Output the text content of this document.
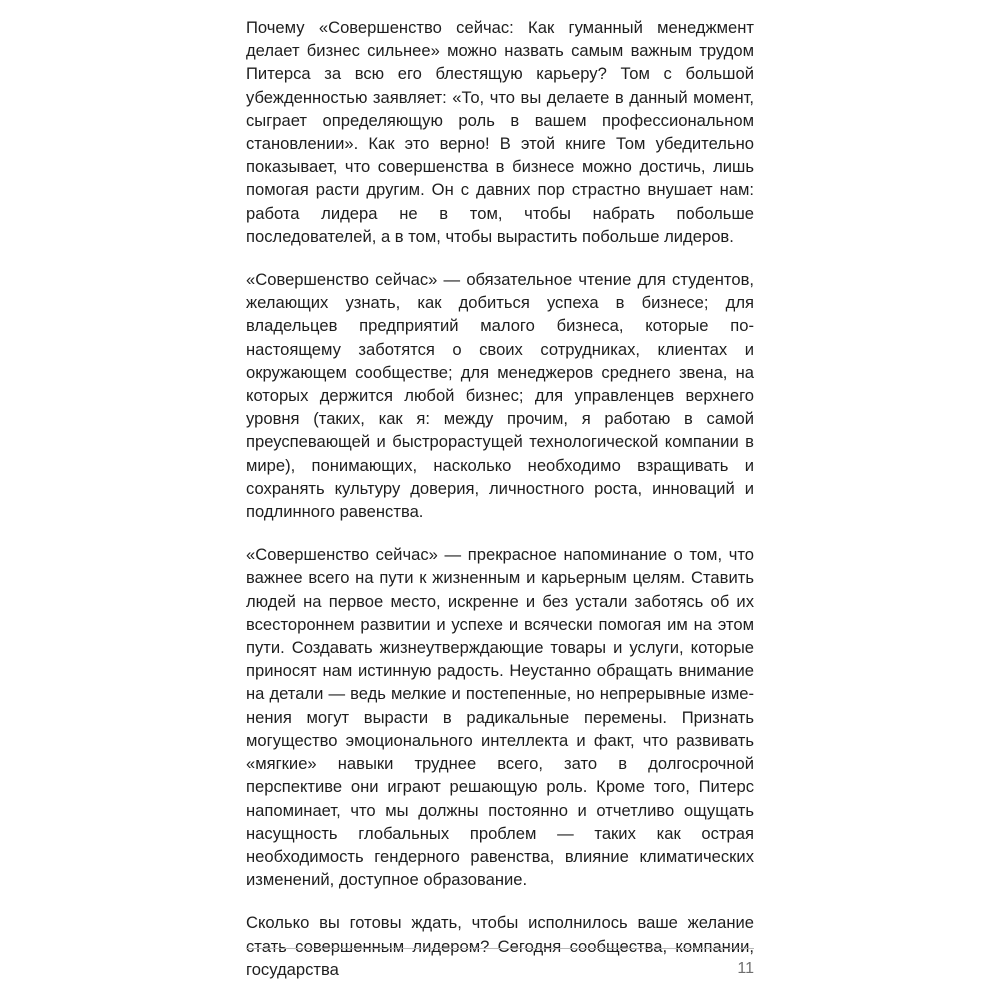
Почему «Совершенство сейчас: Как гуманный менеджмент делает бизнес сильнее» можно назвать самым важным трудом Питерса за всю его блестящую карьеру? Том с большой убежденностью заявляет: «То, что вы делаете в данный момент, сыграет определяющую роль в вашем профессиональном становлении». Как это верно! В этой книге Том убедительно показывает, что совершенства в бизнесе можно достичь, лишь помогая расти другим. Он с давних пор страстно внушает нам: работа лидера не в том, чтобы набрать побольше последователей, а в том, чтобы вырастить побольше лидеров.

«Совершенство сейчас» — обязательное чтение для студентов, желающих узнать, как добиться успеха в бизнесе; для владельцев предприятий малого бизнеса, которые по-настоящему заботятся о своих сотрудниках, клиентах и окружающем сообществе; для менеджеров среднего звена, на которых держится любой бизнес; для управленцев верхнего уровня (таких, как я: между прочим, я работаю в самой преуспевающей и быстрорастущей технологической компании в мире), понимающих, насколько необходимо взращивать и сохранять культуру доверия, личностного роста, инноваций и подлинного равенства.

«Совершенство сейчас» — прекрасное напоминание о том, что важнее всего на пути к жизненным и карьерным целям. Ставить людей на первое место, искренне и без устали заботясь об их всестороннем развитии и успехе и всячески помогая им на этом пути. Создавать жизнеутверждающие товары и услуги, которые приносят нам истинную радость. Неустанно обращать внимание на детали — ведь мелкие и постепенные, но непрерывные изменения могут вырасти в радикальные перемены. Признать могущество эмоционального интеллекта и факт, что развивать «мягкие» навыки труднее всего, зато в долгосрочной перспективе они играют решающую роль. Кроме того, Питерс напоминает, что мы должны постоянно и отчетливо ощущать насущность глобальных проблем — таких как острая необходимость гендерного равенства, влияние климатических изменений, доступное образование.

Сколько вы готовы ждать, чтобы исполнилось ваше желание стать совершенным лидером? Сегодня сообщества, компании, государства	11
